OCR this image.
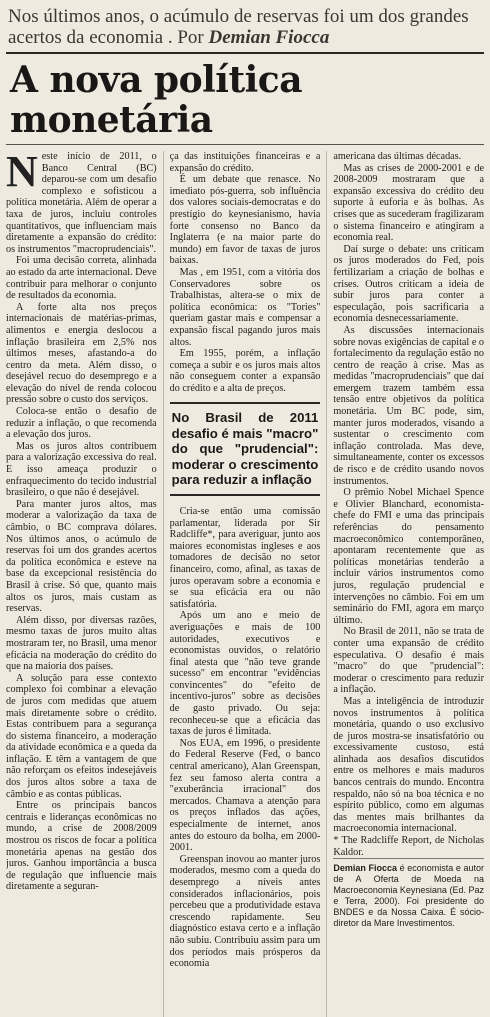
Nos últimos anos, o acúmulo de reservas foi um dos grandes acertos da economia . Por Demian Fiocca
A nova política monetária

Neste início de 2011, o Banco Central (BC) deparou-se com um desafio complexo e sofisticou a política monetária. Além de operar a taxa de juros, incluiu controles quantitativos, que influenciam mais diretamente a expansão do crédito: os instrumentos "macroprudenciais".

Foi uma decisão correta, alinhada ao estado da arte internacional. Deve contribuir para melhorar o conjunto de resultados da economia.

A forte alta nos preços internacionais de matérias-primas, alimentos e energia deslocou a inflação brasileira em 2,5% nos últimos meses, afastando-a do centro da meta. Além disso, o desejável recuo do desemprego e a elevação do nível de renda colocou pressão sobre o custo dos serviços.

Coloca-se então o desafio de reduzir a inflação, o que recomenda a elevação dos juros.

Mas os juros altos contribuem para a valorização excessiva do real. E isso ameaça produzir o enfraquecimento do tecido industrial brasileiro, o que não é desejável.

Para manter juros altos, mas moderar a valorização da taxa de câmbio, o BC comprava dólares. Nos últimos anos, o acúmulo de reservas foi um dos grandes acertos da política econômica e esteve na base da excepcional resistência do Brasil à crise. Só que, quanto mais altos os juros, mais custam as reservas.

Além disso, por diversas razões, mesmo taxas de juros muito altas mostraram ter, no Brasil, uma menor eficácia na moderação do crédito do que na maioria dos países.

A solução para esse contexto complexo foi combinar a elevação de juros com medidas que atuem mais diretamente sobre o crédito. Estas contribuem para a segurança do sistema financeiro, a moderação da atividade econômica e a queda da inflação. E têm a vantagem de que não reforçam os efeitos indesejáveis dos juros altos sobre a taxa de câmbio e as contas públicas.

Entre os principais bancos centrais e lideranças econômicas no mundo, a crise de 2008/2009 mostrou os riscos de focar a política monetária apenas na gestão dos juros. Ganhou importância a busca de regulação que influencie mais diretamente a seguran-

ça das instituições financeiras e a expansão do crédito.

É um debate que renasce. No imediato pós-guerra, sob influência dos valores sociais-democratas e do prestígio do keynesianismo, havia forte consenso no Banco da Inglaterra (e na maior parte do mundo) em favor de taxas de juros baixas.

Mas , em 1951, com a vitória dos Conservadores sobre os Trabalhistas, altera-se o mix de política econômica: os "Tories" queriam gastar mais e compensar a expansão fiscal pagando juros mais altos.

Em 1955, porém, a inflação começa a subir e os juros mais altos não conseguem conter a expansão do crédito e a alta de preços.

No Brasil de 2011 desafio é mais "macro" do que "prudencial": moderar o crescimento para reduzir a inflação

Cria-se então uma comissão parlamentar, liderada por Sir Radcliffe*, para averiguar, junto aos maiores economistas ingleses e aos tomadores de decisão no setor financeiro, como, afinal, as taxas de juros operavam sobre a economia e se sua eficácia era ou não satisfatória.

Após um ano e meio de averiguações e mais de 100 autoridades, executivos e economistas ouvidos, o relatório final atesta que "não teve grande sucesso" em encontrar "evidências convincentes" do "efeito de incentivo-juros" sobre as decisões de gasto privado. Ou seja: reconheceu-se que a eficácia das taxas de juros é limitada.

Nos EUA, em 1996, o presidente do Federal Reserve (Fed, o banco central americano), Alan Greenspan, fez seu famoso alerta contra a "exuberância irracional" dos mercados. Chamava a atenção para os preços inflados das ações, especialmente de internet, anos antes do estouro da bolha, em 2000-2001.

Greenspan inovou ao manter juros moderados, mesmo com a queda do desemprego a níveis antes considerados inflacionários, pois percebeu que a produtividade estava crescendo rapidamente. Seu diagnóstico estava certo e a inflação não subiu. Contribuiu assim para um dos períodos mais prósperos da economia

americana das últimas décadas.

Mas as crises de 2000-2001 e de 2008-2009 mostraram que a expansão excessiva do crédito deu suporte à euforia e às bolhas. As crises que as sucederam fragilizaram o sistema financeiro e atingiram a economia real.

Daí surge o debate: uns criticam os juros moderados do Fed, pois fertilizariam a criação de bolhas e crises. Outros criticam a ideia de subir juros para conter a especulação, pois sacrificaria a economia desnecessariamente.

As discussões internacionais sobre novas exigências de capital e o fortalecimento da regulação estão no centro de reação à crise. Mas as medidas "macroprudenciais" que daí emergem trazem também essa tensão entre objetivos da política monetária. Um BC pode, sim, manter juros moderados, visando a sustentar o crescimento com inflação controlada. Mas deve, simultaneamente, conter os excessos de risco e de crédito usando novos instrumentos.

O prêmio Nobel Michael Spence e Olivier Blanchard, economista-chefe do FMI e uma das principais referências do pensamento macroeconômico contemporâneo, apontaram recentemente que as políticas monetárias tenderão a incluir vários instrumentos como juros, regulação prudencial e intervenções no câmbio. Foi em um seminário do FMI, agora em março último.

No Brasil de 2011, não se trata de conter uma expansão de crédito especulativa. O desafio é mais "macro" do que "prudencial": moderar o crescimento para reduzir a inflação.

Mas a inteligência de introduzir novos instrumentos à política monetária, quando o uso exclusivo de juros mostra-se insatisfatório ou excessivamente custoso, está alinhada aos desafios discutidos entre os melhores e mais maduros bancos centrais do mundo. Encontra respaldo, não só na boa técnica e no espírito público, como em algumas das mentes mais brilhantes da macroeconomia internacional.

* The Radcliffe Report, de Nicholas Kaldor.

Demian Fiocca é economista e autor de A Oferta de Moeda na Macroeconomia Keynesiana (Ed. Paz e Terra, 2000). Foi presidente do BNDES e da Nossa Caixa. É sócio-diretor da Mare Investimentos.
